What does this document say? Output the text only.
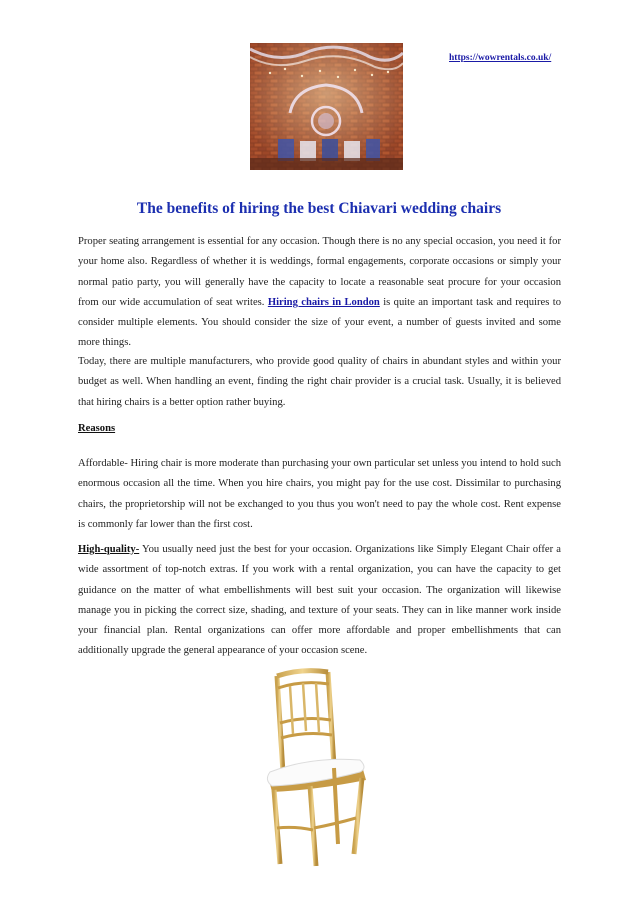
https://wowrentals.co.uk/
The benefits of hiring the best Chiavari wedding chairs

Proper seating arrangement is essential for any occasion. Though there is no any special occasion, you need it for your home also. Regardless of whether it is weddings, formal engagements, corporate occasions or simply your normal patio party, you will generally have the capacity to locate a reasonable seat procure for your occasion from our wide accumulation of seat writes. Hiring chairs in London is quite an important task and requires to consider multiple elements. You should consider the size of your event, a number of guests invited and some more things.

Today, there are multiple manufacturers, who provide good quality of chairs in abundant styles and within your budget as well. When handling an event, finding the right chair provider is a crucial task. Usually, it is believed that hiring chairs is a better option rather buying.

Reasons

Affordable- Hiring chair is more moderate than purchasing your own particular set unless you intend to hold such enormous occasion all the time. When you hire chairs, you might pay for the use cost. Dissimilar to purchasing chairs, the proprietorship will not be exchanged to you thus you won't need to pay the whole cost. Rent expense is commonly far lower than the first cost.

High-quality- You usually need just the best for your occasion. Organizations like Simply Elegant Chair offer a wide assortment of top-notch extras. If you work with a rental organization, you can have the capacity to get guidance on the matter of what embellishments will best suit your occasion. The organization will likewise manage you in picking the correct size, shading, and texture of your seats. They can in like manner work inside your financial plan. Rental organizations can offer more affordable and proper embellishments that can additionally upgrade the general appearance of your occasion scene.
